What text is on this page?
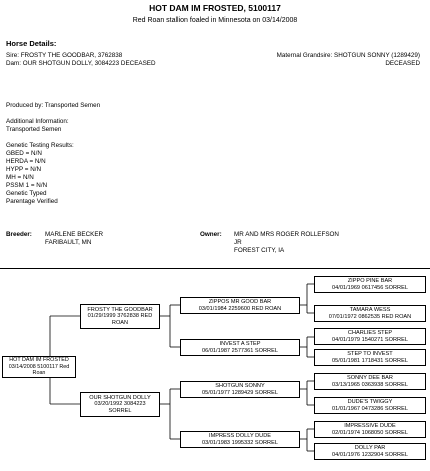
HOT DAM IM FROSTED, 5100117
Red Roan stallion foaled in Minnesota on 03/14/2008
Horse Details:
Sire: FROSTY THE GOODBAR, 3762838
Dam: OUR SHOTGUN DOLLY, 3084223 DECEASED
Maternal Grandsire: SHOTGUN SONNY (1289429)
DECEASED
Produced by: Transported Semen
Additional Information:
Transported Semen
Genetic Testing Results:
GBED = N/N
HERDA = N/N
HYPP = N/N
MH = N/N
PSSM 1 = N/N
Genetic Typed
Parentage Verified
Breeder: MARLENE BECKER
FARIBAULT, MN
Owner: MR AND MRS ROGER ROLLEFSON
JR
FOREST CITY, IA
HOT DAM IM FROSTED
03/14/2008 5100117 Red
Roan
FROSTY THE GOODBAR
01/29/1999 3762838 RED
ROAN
OUR SHOTGUN DOLLY
03/20/1992 3084223
SORREL
ZIPPOS MR GOOD BAR
03/01/1984 2259600 RED ROAN
INVEST A STEP
06/01/1987 2577361 SORREL
SHOTGUN SONNY
05/01/1977 1289429 SORREL
IMPRESS DOLLY DUDE
03/01/1983 1995332 SORREL
ZIPPO PINE BAR
04/01/1969 0617456 SORREL
TAMARA WESS
07/01/1972 0862535 RED ROAN
CHARLIES STEP
04/01/1979 1540271 SORREL
STEP TO INVEST
05/01/1981 1718431 SORREL
SONNY DEE BAR
03/13/1965 0363938 SORREL
DUDE'S TWIGGY
01/01/1967 0473286 SORREL
IMPRESSIVE DUDE
02/01/1974 1068050 SORREL
DOLLY PAR
04/01/1976 1232904 SORREL
